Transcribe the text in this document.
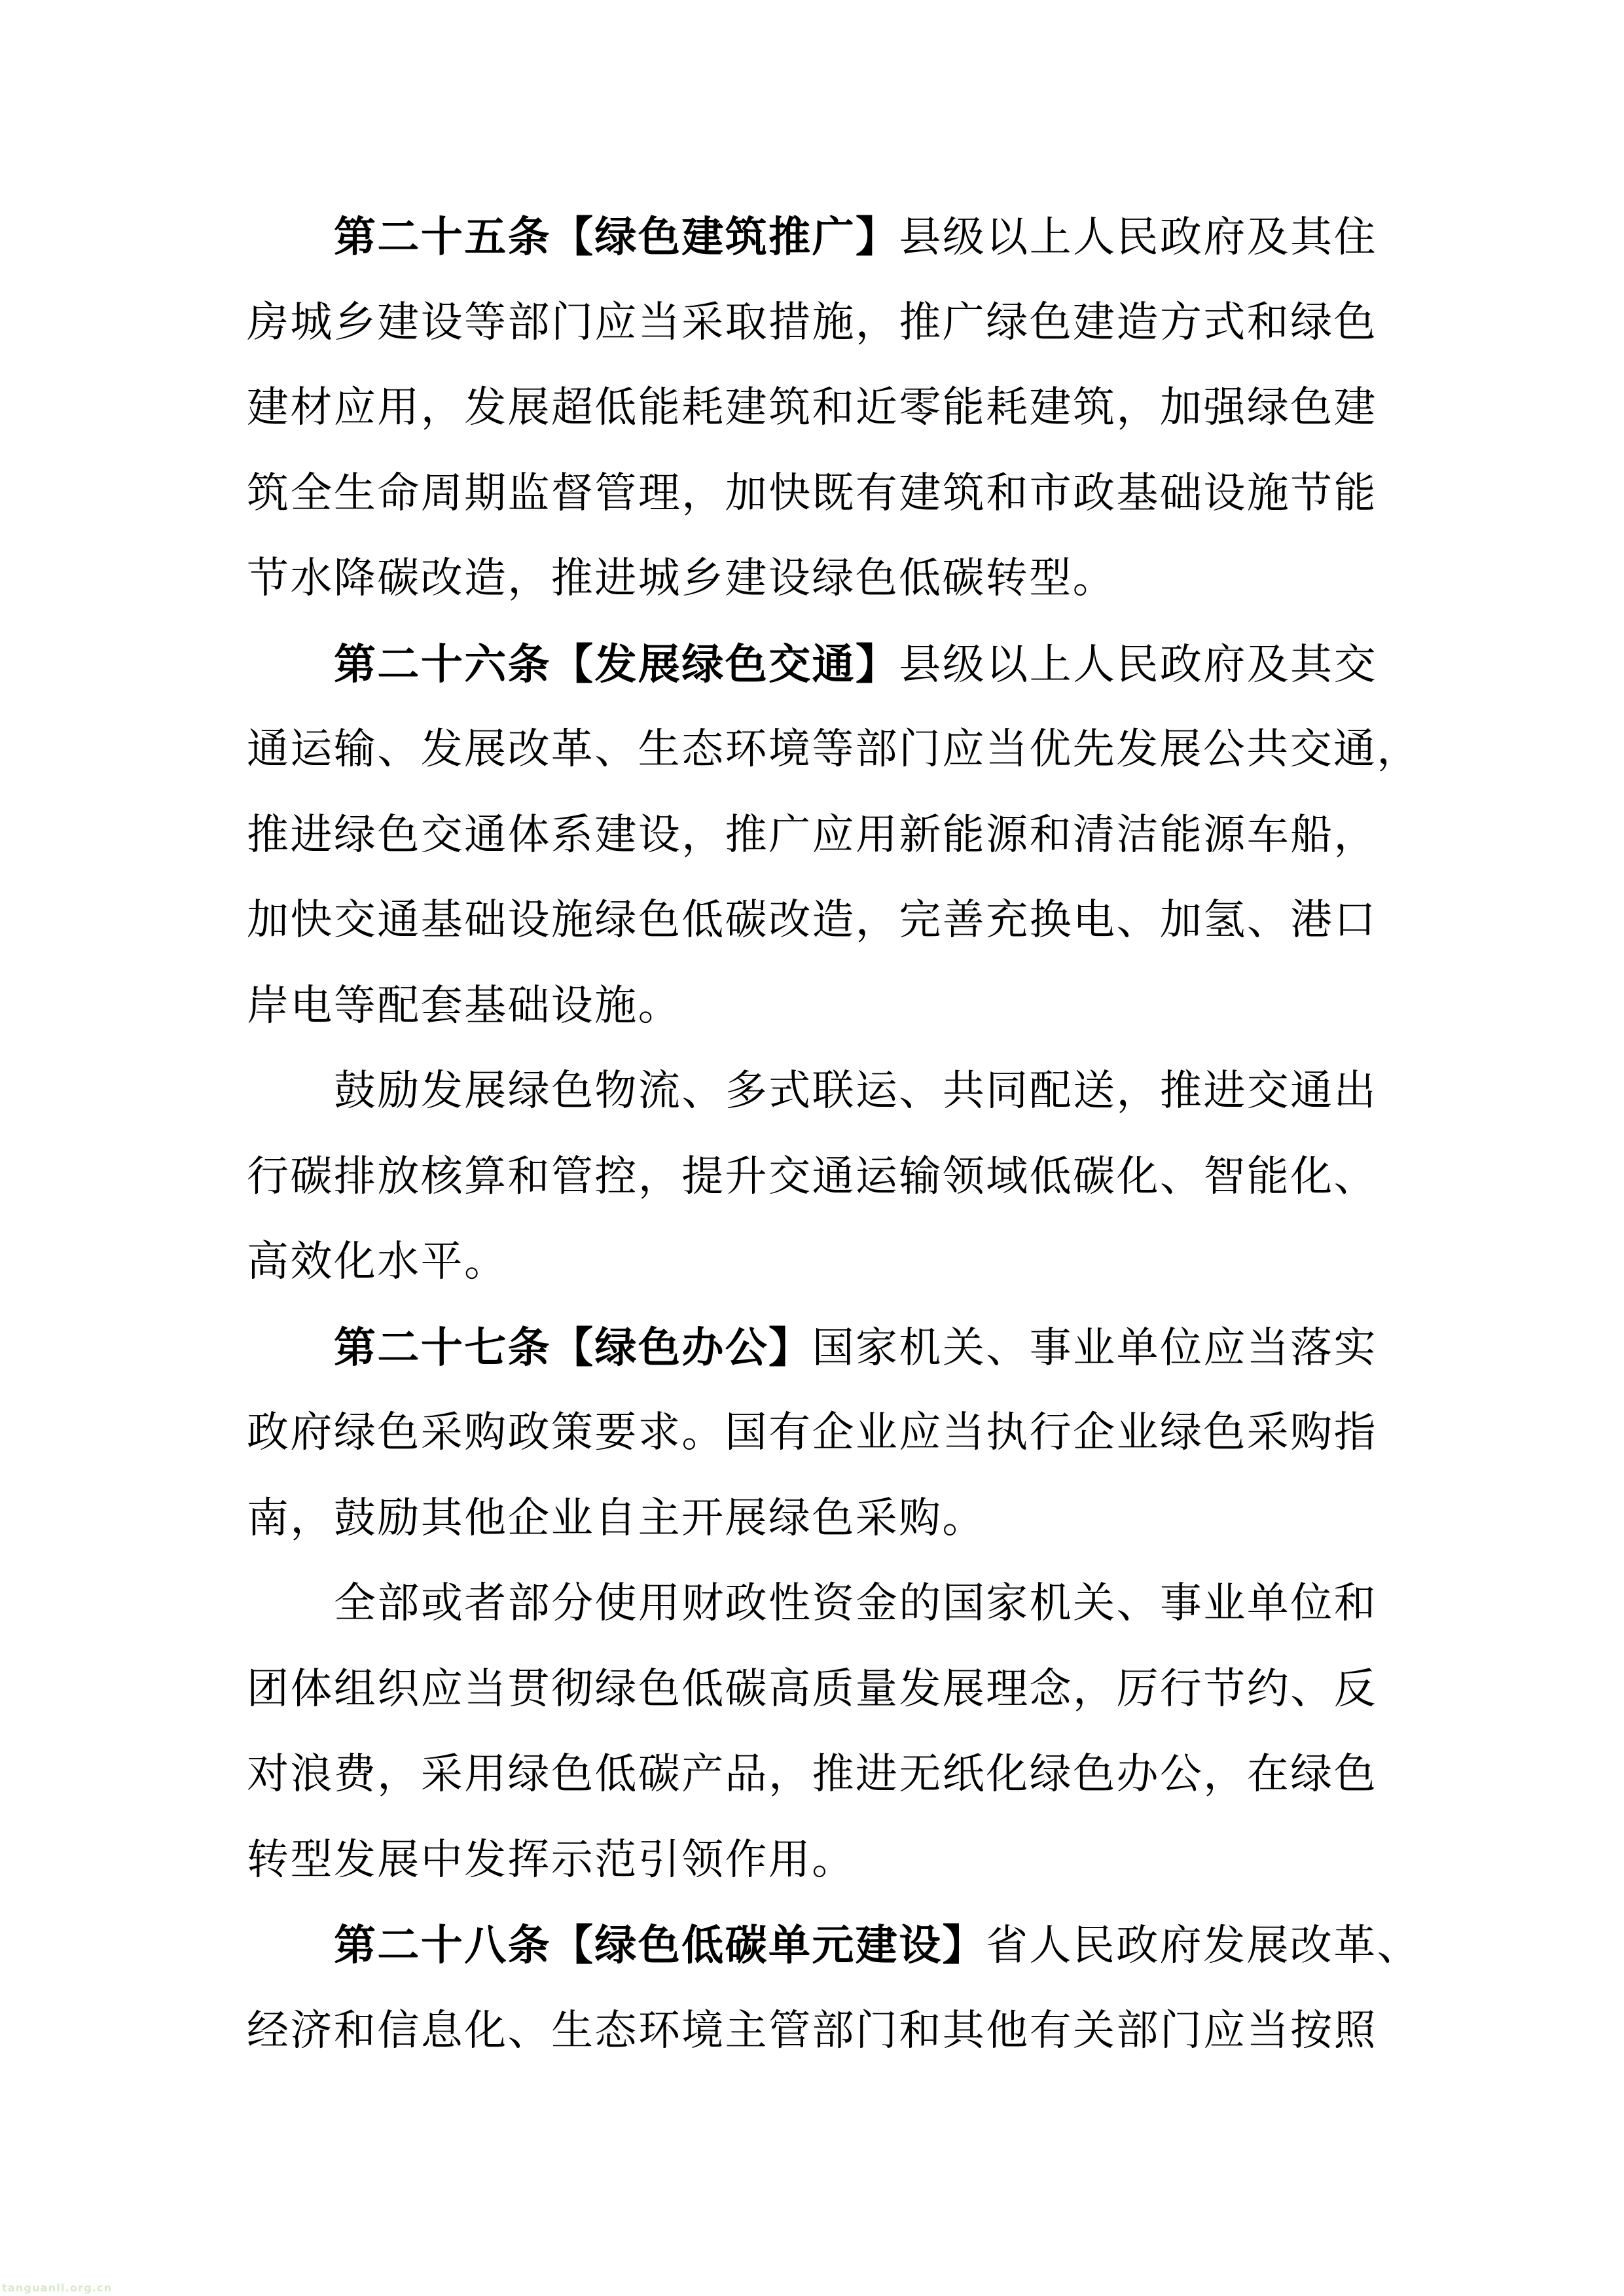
第二十五条【绿色建筑推广】县级以上人民政府及其住
房城乡建设等部门应当采取措施，推广绿色建造方式和绿色
建材应用，发展超低能耗建筑和近零能耗建筑，加强绿色建
筑全生命周期监督管理，加快既有建筑和市政基础设施节能
节水降碳改造，推进城乡建设绿色低碳转型。
第二十六条【发展绿色交通】县级以上人民政府及其交
通运输、发展改革、生态环境等部门应当优先发展公共交通，
推进绿色交通体系建设，推广应用新能源和清洁能源车船，
加快交通基础设施绿色低碳改造，完善充换电、加氢、港口
岸电等配套基础设施。
鼓励发展绿色物流、多式联运、共同配送，推进交通出
行碳排放核算和管控，提升交通运输领域低碳化、智能化、
高效化水平。
第二十七条【绿色办公】国家机关、事业单位应当落实
政府绿色采购政策要求。国有企业应当执行企业绿色采购指
南，鼓励其他企业自主开展绿色采购。
全部或者部分使用财政性资金的国家机关、事业单位和
团体组织应当贯彻绿色低碳高质量发展理念，厉行节约、反
对浪费，采用绿色低碳产品，推进无纸化绿色办公，在绿色
转型发展中发挥示范引领作用。
第二十八条【绿色低碳单元建设】省人民政府发展改革、
经济和信息化、生态环境主管部门和其他有关部门应当按照
tanguanli.org.cn
